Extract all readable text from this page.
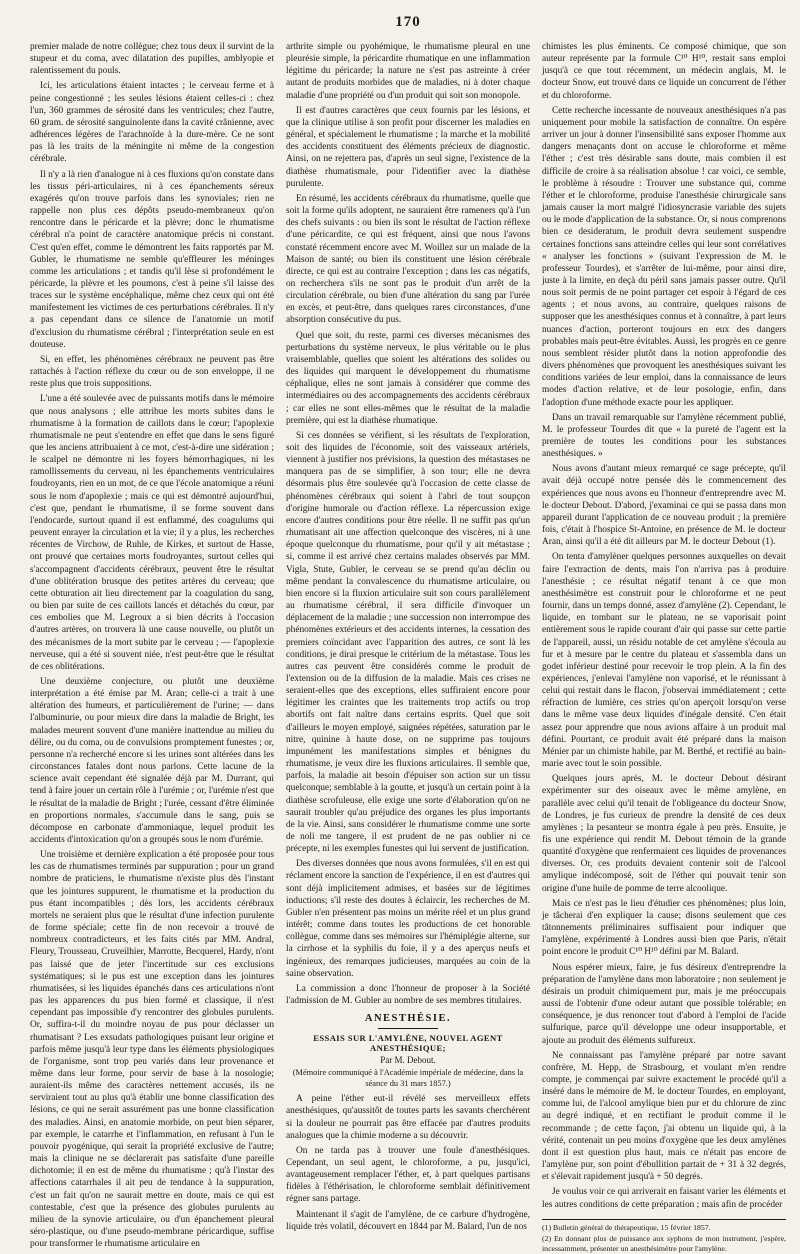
170

premier malade de notre collègue; chez tous deux il survint de la stupeur et du coma, avec dilatation des pupilles, amblyopie et ralentissement du pouls.

Ici, les articulations étaient intactes ; le cerveau ferme et à peine congestionné ; les seules lésions étaient celles-ci : chez l'un, 360 grammes de sérosité dans les ventricules; chez l'autre, 60 gram. de sérosité sanguinolente dans la cavité crânienne, avec adhérences légères de l'arachnoïde à la dure-mère. Ce ne sont pas là les traits de la méningite ni même de la congestion cérébrale.

Il n'y a là rien d'analogue ni à ces fluxions qu'on constate dans les tissus péri-articulaires, ni à ces épanchements séreux exagérés qu'on trouve parfois dans les synoviales; rien ne rappelle non plus ces dépôts pseudo-membraneux qu'on rencontre dans le péricarde et la plèvre; donc le rhumatisme cérébral n'a point de caractère anatomique précis ni constant. C'est qu'en effet, comme le démontrent les faits rapportés par M. Gubler, le rhumatisme ne semble qu'effleurer les méninges comme les articulations ; et tandis qu'il lèse si profondément le péricarde, la plèvre et les poumons, c'est à peine s'il laisse des traces sur le système encéphalique, même chez ceux qui ont été manifestement les victimes de ces perturbations cérébrales. Il n'y a pas cependant dans ce silence de l'anatomie un motif d'exclusion du rhumatisme cérébral ; l'interprétation seule en est douteuse.

Si, en effet, les phénomènes cérébraux ne peuvent pas être rattachés à l'action réflexe du cœur ou de son enveloppe, il ne reste plus que trois suppositions.

L'une a été soulevée avec de puissants motifs dans le mémoire que nous analysons ; elle attribue les morts subites dans le rhumatisme à la formation de caillots dans le cœur; l'apoplexie rhumatismale ne peut s'entendre en effet que dans le sens figuré que les anciens attribuaient à ce mot, c'est-à-dire une sidération ; le scalpel ne démontre ni les foyers hémorrhagiques, ni les ramollissements du cerveau, ni les épanchements ventriculaires foudroyants, rien en un mot, de ce que l'école anatomique a réuni sous le nom d'apoplexie ; mais ce qui est démontré aujourd'hui, c'est que, pendant le rhumatisme, il se forme souvent dans l'endocarde, surtout quand il est enflammé, des coagulums qui peuvent enrayer la circulation et la vie; il y a plus, les recherches récentes de Virchow, de Ruhle, de Kirkes, et surtout de Hasse, ont prouvé que certaines morts foudroyantes, surtout celles qui s'accompagnent d'accidents cérébraux, peuvent être le résultat d'une oblitération brusque des petites artères du cerveau; que cette obturation ait lieu directement par la coagulation du sang, ou bien par suite de ces caillots lancés et détachés du cœur, par ces embolies que M. Legroux a si bien décrits à l'occasion d'autres artères, on trouvera là une cause nouvelle, ou plutôt un des mécanismes de la mort subite par le cerveau ; — l'apoplexie nerveuse, qui a été si souvent niée, n'est peut-être que le résultat de ces oblitérations.

Une deuxième conjecture, ou plutôt une deuxième interprétation a été émise par M. Aran; celle-ci a trait à une altération des humeurs, et particulièrement de l'urine; — dans l'albuminurie, ou pour mieux dire dans la maladie de Bright, les malades meurent souvent d'une manière inattendue au milieu du délire, ou du coma, ou de convulsions promptement funestes ; or, personne n'a recherché encore si les urines sont altérées dans les circonstances fatales dont nous parlons. Cette lacune de la science avait cependant été signalée déjà par M. Durrant, qui tend à faire jouer un certain rôle à l'urémie ; or, l'urémie n'est que le résultat de la maladie de Bright ; l'urée, cessant d'être éliminée en proportions normales, s'accumule dans le sang, puis se décompose en carbonate d'ammoniaque, lequel produit les accidents d'intoxication qu'on a groupés sous le nom d'urémie.

Une troisième et dernière explication a été proposée pour tous les cas de rhumatismes terminés par suppuration ; pour un grand nombre de praticiens, le rhumatisme n'existe plus dès l'instant que les jointures suppurent, le rhumatisme et la production du pus étant incompatibles ; dès lors, les accidents cérébraux mortels ne seraient plus que le résultat d'une infection purulente de forme spéciale; cette fin de non recevoir a trouvé de nombreux contradicteurs, et les faits cités par MM. Andral, Fleury, Trousseau, Cruveilhier, Marrotte, Becquerel, Hardy, n'ont pas laissé que de jeter l'incertitude sur ces exclusions systématiques; si le pus est une exception dans les jointures rhumatisées, si les liquides épanchés dans ces articulations n'ont pas les apparences du pus bien formé et classique, il n'est cependant pas impossible d'y rencontrer des globules purulents. Or, suffira-t-il du moindre noyau de pus pour déclasser un rhumatisant ? Les exsudats pathologiques puisant leur origine et parfois même jusqu'à leur type dans les éléments physiologiques de l'organisme, sont trop peu variés dans leur provenance et même dans leur forme, pour servir de base à la nosologie; auraient-ils même des caractères nettement accusés, ils ne serviraient tout au plus qu'à établir une bonne classification des lésions, ce qui ne serait assurément pas une bonne classification des maladies. Ainsi, en anatomie morbide, on peut bien séparer, par exemple, le catarrhe et l'inflammation, en refusant à l'un le pouvoir pyogénique, qui serait la propriété exclusive de l'autre; mais la clinique ne se déclarerait pas satisfaite d'une pareille dichotomie; il en est de même du rhumatisme ; qu'à l'instar des affections catarrhales il ait peu de tendance à la suppuration, c'est un fait qu'on ne saurait mettre en doute, mais ce qui est contestable, c'est que la présence des globules purulents au milieu de la synovie articulaire, ou d'un épanchement pleural séro-plastique, ou d'une pseudo-membrane péricardique, suffise pour transformer le rhumatisme articulaire en

arthrite simple ou pyohémique, le rhumatisme pleural en une pleurésie simple, la péricardite rhumatique en une inflammation légitime du péricarde; la nature ne s'est pas astreinte à créer autant de produits morbides que de maladies, ni à doter chaque maladie d'une propriété ou d'un produit qui soit son monopole.

Il est d'autres caractères que ceux fournis par les lésions, et que la clinique utilise à son profit pour discerner les maladies en général, et spécialement le rhumatisme ; la marche et la mobilité des accidents constituent des éléments précieux de diagnostic. Ainsi, on ne rejettera pas, d'après un seul signe, l'existence de la diathèse rhumatismale, pour l'identifier avec la diathèse purulente.

En résumé, les accidents cérébraux du rhumatisme, quelle que soit la forme qu'ils adoptent, ne sauraient être rameners qu'à l'un des chefs suivants : ou bien ils sont le résultat de l'action réflexe d'une péricardite, ce qui est fréquent, ainsi que nous l'avons constaté récemment encore avec M. Woillez sur un malade de la Maison de santé; ou bien ils constituent une lésion cérébrale directe, ce qui est au contraire l'exception ; dans les cas négatifs, on recherchera s'ils ne sont pas le produit d'un arrêt de la circulation cérébrale, ou bien d'une altération du sang par l'urée en excès, et peut-être, dans quelques rares circonstances, d'une absorption consécutive du pus.

Quel que soit, du reste, parmi ces diverses mécanismes des perturbations du système nerveux, le plus véritable ou le plus vraisemblable, quelles que soient les altérations des solides ou des liquides qui marquent le développement du rhumatisme céphalique, elles ne sont jamais à considérer que comme des intermédiaires ou des accompagnements des accidents cérébraux ; car elles ne sont elles-mêmes que le résultat de la maladie première, qui est la diathèse rhumatique.

Si ces données se vérifient, si les résultats de l'exploration, soit des liquides de l'économie, soit des vaisseaux artériels, viennent à justifier nos prévisions, la question des métastases ne manquera pas de se simplifier, à son tour; elle ne devra désormais plus être soulevée qu'à l'occasion de cette classe de phénomènes cérébraux qui soient à l'abri de tout soupçon d'origine humorale ou d'action réflexe. La répercussion exige encore d'autres conditions pour être réelle. Il ne suffit pas qu'un rhumatisant ait une affection quelconque des viscères, ni à une époque quelconque du rhumatisme, pour qu'il y ait métastase ; si, comme il est arrivé chez certains malades observés par MM. Vigla, Stute, Gubler, le cerveau se se prend qu'au déclin ou même pendant la convalescence du rhumatisme articulaire, ou bien encore si la fluxion articulaire suit son cours parallèlement au rhumatisme cérébral, il sera difficile d'invoquer un déplacement de la maladie ; une succession non interrompue des phénomènes extérieurs et des accidents internes, la cessation des premiers coïncidant avec l'apparition des autres, ce sont là les conditions, je dirai presque le critérium de la métastase. Tous les autres cas peuvent être considérés comme le produit de l'extension ou de la diffusion de la maladie. Mais ces crises ne seraient-elles que des exceptions, elles suffiraient encore pour légitimer les craintes que les traitements trop actifs ou trop abortifs ont fait naître dans certains esprits. Quel que soit d'ailleurs le moyen employé, saignées répétées, saturation par le nitre, quinine à haute dose, on ne supprime pas toujours impunément les manifestations simples et bénignes du rhumatisme, je veux dire les fluxions articulaires. Il semble que, parfois, la maladie ait besoin d'épuiser son action sur un tissu quelconque; semblable à la goutte, et jusqu'à un certain point à la diathèse scrofuleuse, elle exige une sorte d'élaboration qu'on ne saurait troubler qu'au préjudice des organes les plus importants de la vie. Ainsi, sans considérer le rhumatisme comme une sorte de noli me tangere, il est prudent de ne pas oublier ni ce précepte, ni les exemples funestes qui lui servent de justification.

Des diverses données que nous avons formulées, s'il en est qui réclament encore la sanction de l'expérience, il en est d'autres qui sont déjà implicitement admises, et basées sur de légitimes inductions; s'il reste des doutes à éclaircir, les recherches de M. Gubler n'en présentent pas moins un mérite réel et un plus grand intérêt; comme dans toutes les productions de cet honorable collègue, comme dans ses mémoires sur l'hémiplégie alterne, sur la cirrhose et la syphilis du foie, il y a des aperçus neufs et ingénieux, des remarques judicieuses, marquées au coin de la saine observation.

La commission a donc l'honneur de proposer à la Société l'admission de M. Gubler au nombre de ses membres titulaires.

ANESTHÉSIE.
ESSAIS SUR L'AMYLÈNE, NOUVEL AGENT ANESTHÉSIQUE;
Par M. Debout.
(Mémoire communiqué à l'Académie impériale de médecine, dans la séance du 31 mars 1857.)

A peine l'éther eut-il révélé ses merveilleux effets anesthésiques, qu'aussitôt de toutes parts les savants cherchèrent si la douleur ne pourrait pas être effacée par d'autres produits analogues que la chimie moderne a su découvrir.

On ne tarda pas à trouver une foule d'anesthésiques. Cependant, un seul agent, le chloroforme, a pu, jusqu'ici, avantageusement remplacer l'éther, et, à part quelques partisans fidèles à l'éthérisation, le chloroforme semblait définitivement régner sans partage.

Maintenant il s'agit de l'amylène, de ce carbure d'hydrogène, liquide très volatil, découvert en 1844 par M. Balard, l'un de nos

chimistes les plus éminents. Ce composé chimique, que son auteur représente par la formule C¹⁰ H¹⁰, restait sans emploi jusqu'à ce que tout récemment, un médecin anglais, M. le docteur Snow, eut trouvé dans ce liquide un concurrent de l'éther et du chloroforme.

Cette recherche incessante de nouveaux anesthésiques n'a pas uniquement pour mobile la satisfaction de connaître. On espère arriver un jour à donner l'insensibilité sans exposer l'homme aux dangers menaçants dont on accuse le chloroforme et même l'éther ; c'est très désirable sans doute, mais combien il est difficile de croire à sa réalisation absolue ! car voici, ce semble, le problème à résoudre : Trouver une substance qui, comme l'éther et le chloroforme, produise l'anesthésie chirurgicale sans jamais causer la mort malgré l'idiosyncrasie variable des sujets ou le mode d'application de la substance. Or, si nous comprenons bien ce desideratum, le produit devra seulement suspendre certaines fonctions sans atteindre celles qui leur sont corrélatives « analyser les fonctions » (suivant l'expression de M. le professeur Tourdes), et s'arrêter de lui-même, pour ainsi dire, juste à la limite, en deçà du péril sans jamais passer outre. Qu'il nous soit permis de ne point partager cet espoir à l'égard de ces agents ; et nous avons, au contraire, quelques raisons de supposer que les anesthésiques connus et à connaître, à part leurs nuances d'action, porteront toujours en eux des dangers probables mais peut-être évitables. Aussi, les progrès en ce genre nous semblent résider plutôt dans la notion approfondie des divers phénomènes que provoquent les anesthésiques suivant les conditions variées de leur emploi, dans la connaissance de leurs modes d'action relative, et de leur posologie, enfin, dans l'adoption d'une méthode exacte pour les appliquer.

Dans un travail remarquable sur l'amylène récemment publié, M. le professeur Tourdes dit que « la pureté de l'agent est la première de toutes les conditions pour les substances anesthésiques. »

Nous avons d'autant mieux remarqué ce sage précepte, qu'il avait déjà occupé notre pensée dès le commencement des expériences que nous avons eu l'honneur d'entreprendre avec M. le docteur Debout. D'abord, j'examinai ce qui se passa dans mon appareil durant l'application de ce nouveau produit ; la première fois, c'était à l'hospice St-Antoine, en présence de M. le docteur Aran, ainsi qu'il a été dit ailleurs par M. le docteur Debout (1).

On tenta d'amylèner quelques personnes auxquelles on devait faire l'extraction de dents, mais l'on n'arriva pas à produire l'anesthésie ; ce résultat négatif tenant à ce que mon anesthésimètre est construit pour le chloroforme et ne peut fournir, dans un temps donné, assez d'amylène (2). Cependant, le liquide, en tombant sur le plateau, ne se vaporisait point entièrement sous le rapide courant d'air qui passe sur cette partie de l'appareil, aussi, un résidu notable de cet amylène s'écoula au fur et à mesure par le centre du plateau et s'assembla dans un godet inférieur destiné pour recevoir le trop plein. A la fin des expériences, j'enlevai l'amylène non vaporisé, et le réunissant à celui qui restait dans le flacon, j'observai immédiatement ; cette réfraction de lumière, ces stries qu'on aperçoit lorsqu'on verse dans le même vase deux liquides d'inégale densité. C'en était assez pour apprendre que nous avions affaire à un produit mal défini. Pourtant, ce produit avait été préparé dans la maison Ménier par un chimiste habile, par M. Berthé, et rectifié au bain-marie avec tout le soin possible.

Quelques jours après, M. le docteur Debout désirant expérimenter sur des oiseaux avec le même amylène, en parallèle avec celui qu'il tenait de l'obligeance du docteur Snow, de Londres, je fus curieux de prendre la densité de ces deux amylènes ; la pesanteur se montra égale à peu près. Ensuite, je fis une expérience qui rendit M. Debout témoin de la grande quantité d'oxygène que renfermaient ces liquides de provenances diverses. Or, ces produits devaient contenir soit de l'alcool amylique indécomposé, soit de l'éther qui pouvait tenir son origine d'une huile de pomme de terre alcoolique.

Mais ce n'est pas le lieu d'étudier ces phénomènes; plus loin, je tâcherai d'en expliquer la cause; disons seulement que ces tâtonnements préliminaires suffisaient pour indiquer que l'amylène, expérimenté à Londres aussi bien que Paris, n'était point encore le produit C¹⁰ H¹⁰ défini par M. Balard.

Nous espérer mieux, faire, je fus désireux d'entreprendre la préparation de l'amylène dans mon laboratoire ; non seulement je désirais un produit chimiquement pur, mais je me préoccupais aussi de l'obtenir d'une odeur autant que possible tolérable; en conséquence, je dus renoncer tout d'abord à l'emploi de l'acide sulfurique, parce qu'il développe une odeur insupportable, et ajoute au produit des éléments sulfureux.

Ne connaissant pas l'amylène préparé par notre savant confrère, M. Hepp, de Strasbourg, et voulant m'en rendre compte, je commençai par suivre exactement le procédé qu'il a inséré dans le mémoire de M. le docteur Tourdes, en employant, comme lui, de l'alcool amylique bien pur et du chlorure de zinc au degré indiqué, et en rectifiant le produit comme il le recommande ; de cette façon, j'ai obtenu un liquide qui, à la vérité, contenait un peu moins d'oxygène que les deux amylènes dont il est question plus haut, mais ce n'était pas encore de l'amylène pur, son point d'ébullition partait de + 31 à 32 degrés, et s'élevait rapidement jusqu'à + 50 degrés.

Je voulus voir ce qui arriverait en faisant varier les éléments et les autres conditions de cette préparation ; mais afin de procéder

(1) Bulletin général de thérapeutique, 15 février 1857.

(2) En donnant plus de puissance aux syphons de mon instrument, j'espère, incessamment, présenter un anesthésimètre pour l'amylène.
